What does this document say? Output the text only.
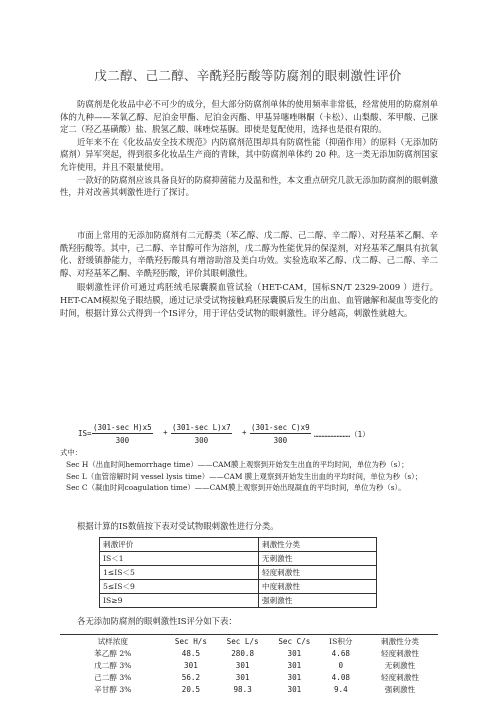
戊二醇、己二醇、辛酰羟肟酸等防腐剂的眼刺激性评价

防腐剂是化妆品中必不可少的成分，但大部分防腐剂单体的使用频率非常低，经常使用的防腐剂单体的九种——苯氧乙醇、尼泊金甲酯、尼泊金丙酯、甲基异噻唑啉酮（卡松）、山梨酸、苯甲酸、己脒定二（羟乙基磺酸）盐、脱氢乙酸、咪唑烷基脲。即使是复配使用，选择也是很有限的。

近年来不在《化妆品安全技术规范》内防腐剂范围却具有防腐性能（抑菌作用）的原料（无添加防腐剂）异军突起，得到很多化妆品生产商的青睐，其中防腐剂单体约 20 种。这一类无添加防腐剂国家允许使用，并且不限量使用。

一款好的防腐剂应该具备良好的防腐抑菌能力及温和性，本文重点研究几款无添加防腐剂的眼刺激性，并对改善其刺激性进行了探讨。

市面上常用的无添加防腐剂有二元醇类（苯乙醇、戊二醇、己二醇、辛二醇）、对羟基苯乙酮、辛酰羟肟酸等。其中，己二醇、辛甘醇可作为溶剂，戊二醇为性能优异的保湿剂，对羟基苯乙酮具有抗氧化、舒缓镇静能力，辛酰羟肟酸具有增溶助溶及美白功效。实验选取苯乙醇、戊二醇、己二醇、辛二醇、对羟基苯乙酮、辛酰羟肟酸，评价其眼刺激性。

眼刺激性评价可通过鸡胚绒毛尿囊膜血管试验（HET-CAM，国标SN/T 2329-2009 ）进行。HET-CAM模拟兔子眼结膜，通过记录受试物接触鸡胚尿囊膜后发生的出血、血管融解和凝血等变化的时间，根据计算公式得到一个IS评分，用于评估受试物的眼刺激性。评分越高，刺激性就越大。

IS=
(301-sec H)x5
300
+
(301-sec L)x7
300
+
(301-sec C)x9
300
……………………（1）

式中：

Sec H（出血时间hemorrhage time）——CAM膜上观察到开始发生出血的平均时间，单位为秒（s）；

Sec L（血管溶解时间 vessel lysis time）——CAM 膜上观察到开始发生出血的平均时间，单位为秒（s）；

Sec C（凝血时间coagulation time）——CAM膜上观察到开始出现凝血的平均时间，单位为秒（s）。

根据计算的IS数值按下表对受试物眼刺激性进行分类。

刺激评价	刺激性分类
IS＜1	无刺激性
1≤IS＜5	轻度刺激性
5≤IS＜9	中度刺激性
IS≥9	强刺激性

各无添加防腐剂的眼刺激性IS评分如下表：

试样浓度	Sec H/s	Sec L/s	Sec C/s	IS积分	刺激性分类
苯乙醇 2%	48.5	280.8	301	4.68	轻度刺激性
戊二醇 3%	301	301	301	0	无刺激性
己二醇 3%	56.2	301	301	4.08	轻度刺激性
辛甘醇 3%	20.5	98.3	301	9.4	强刺激性
